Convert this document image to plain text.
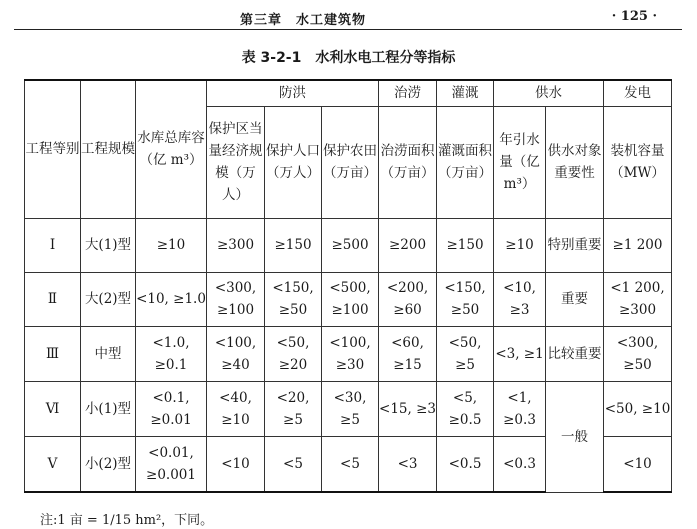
第三章　水工建筑物	· 125 ·
表 3-2-1 水利水电工程分等指标
工程等别	工程规模	水库总库容（亿 m³）	防洪			治涝	灌溉	供水		发电
			保护区当量经济规模（万人）	保护人口（万人）	保护农田（万亩）	治涝面积（万亩）	灌溉面积（万亩）	年引水量（亿 m³）	供水对象重要性	装机容量（MW）
Ⅰ	大(1)型	≥10	≥300	≥150	≥500	≥200	≥150	≥10	特别重要	≥1 200
Ⅱ	大(2)型	<10, ≥1.0	<300, ≥100	<150, ≥50	<500, ≥100	<200, ≥60	<150, ≥50	<10, ≥3	重要	<1 200, ≥300
Ⅲ	中型	<1.0, ≥0.1	<100, ≥40	<50, ≥20	<100, ≥30	<60, ≥15	<50, ≥5	<3, ≥1	比较重要	<300, ≥50
Ⅵ	小(1)型	<0.1, ≥0.01	<40, ≥10	<20, ≥5	<30, ≥5	<15, ≥3	<5, ≥0.5	<1, ≥0.3	一般	<50, ≥10
Ⅴ	小(2)型	<0.01, ≥0.001	<10	<5	<5	<3	<0.5	<0.3		<10
注:1 亩 = 1/15 hm²，下同。
